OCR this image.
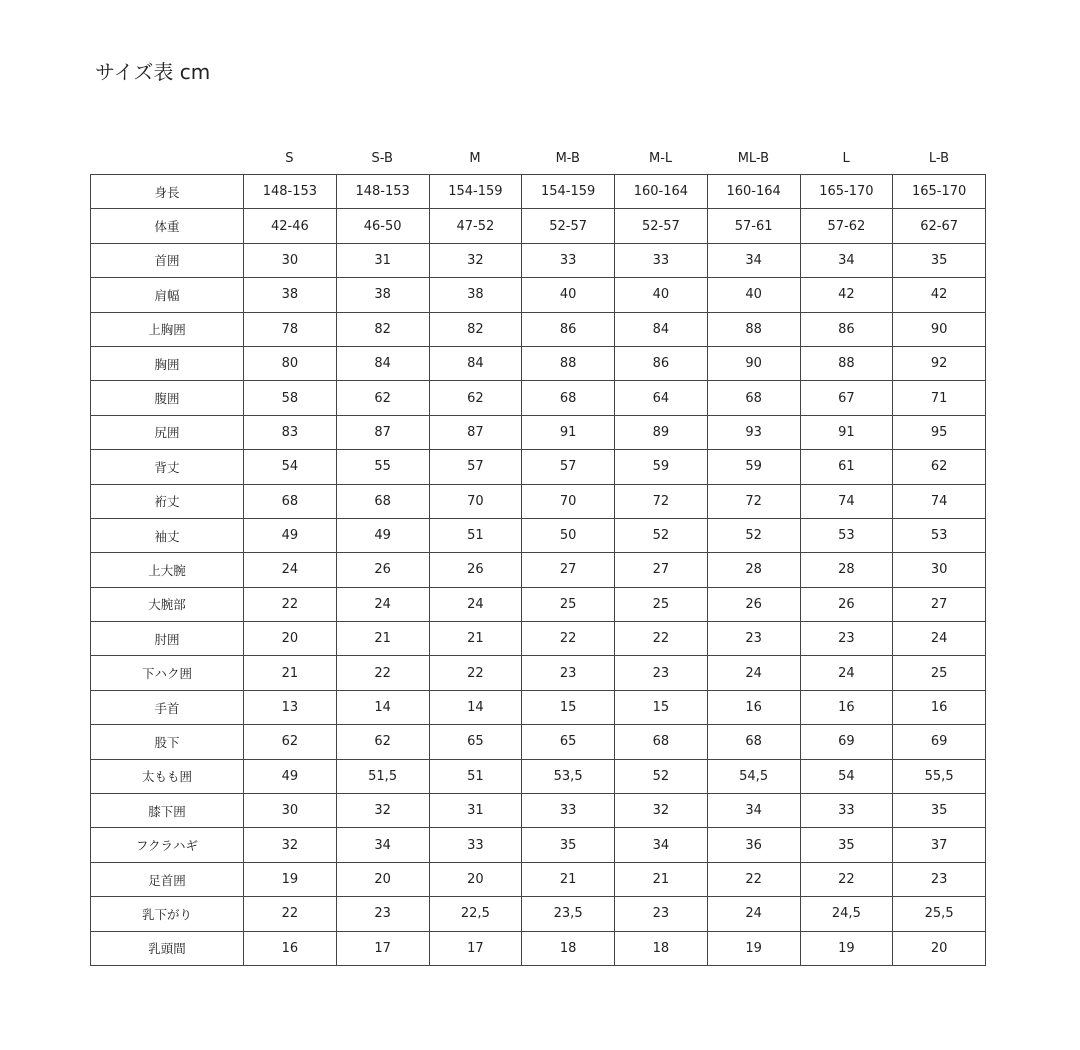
サイズ表 cm
S	S-B	M	M-B	M-L	ML-B	L	L-B
身長	148-153	148-153	154-159	154-159	160-164	160-164	165-170	165-170
体重	42-46	46-50	47-52	52-57	52-57	57-61	57-62	62-67
首囲	30	31	32	33	33	34	34	35
肩幅	38	38	38	40	40	40	42	42
上胸囲	78	82	82	86	84	88	86	90
胸囲	80	84	84	88	86	90	88	92
腹囲	58	62	62	68	64	68	67	71
尻囲	83	87	87	91	89	93	91	95
背丈	54	55	57	57	59	59	61	62
裄丈	68	68	70	70	72	72	74	74
袖丈	49	49	51	50	52	52	53	53
上大腕	24	26	26	27	27	28	28	30
大腕部	22	24	24	25	25	26	26	27
肘囲	20	21	21	22	22	23	23	24
下ハク囲	21	22	22	23	23	24	24	25
手首	13	14	14	15	15	16	16	16
股下	62	62	65	65	68	68	69	69
太もも囲	49	51,5	51	53,5	52	54,5	54	55,5
膝下囲	30	32	31	33	32	34	33	35
フクラハギ	32	34	33	35	34	36	35	37
足首囲	19	20	20	21	21	22	22	23
乳下がり	22	23	22,5	23,5	23	24	24,5	25,5
乳頭間	16	17	17	18	18	19	19	20
